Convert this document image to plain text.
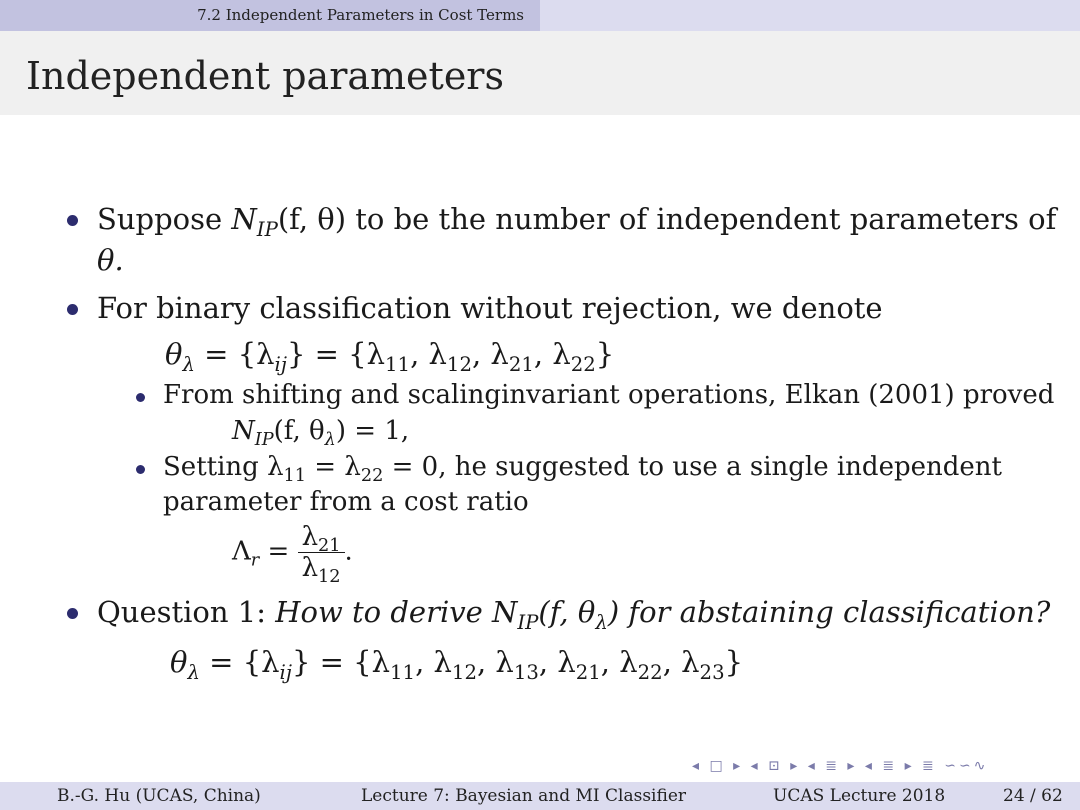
7.2 Independent Parameters in Cost Terms
Independent parameters
Suppose $N_{IP}(f$, θ) to be the number of independent parameters of
θ.
For binary classification without rejection, we denote
$\theta_\lambda = \{\lambda_{ij}\} = \{\lambda_{11}$, $\lambda_{12}$, $\lambda_{21}$, $\lambda_{22}$}
From shifting and scalinginvariant operations, Elkan (2001) proved
$N_{IP}(f$, $\theta_\lambda) = 1$,
Setting $\lambda_{11} = \lambda_{22} = 0$, he suggested to use a single independent
parameter from a cost ratio
$\Lambda_r = \frac{\lambda_{21}}{\lambda_{12}}$ .
Question 1: How to derive $N_{IP}(f$, $\theta_\lambda$) for abstaining classification?
$\theta_\lambda = \{\lambda_{ij}\} = \{\lambda_{11}$, $\lambda_{12}$, $\lambda_{13}$, $\lambda_{21}$, $\lambda_{22}$, $\lambda_{23}$}
◂ □ ▸ ◂ ⊡ ▸ ◂ ≣ ▸ ◂ ≣ ▸ ≣ ∽∽∿
B.-G. Hu (UCAS, China)	Lecture 7: Bayesian and MI Classifier	UCAS Lecture 2018	24 / 62
